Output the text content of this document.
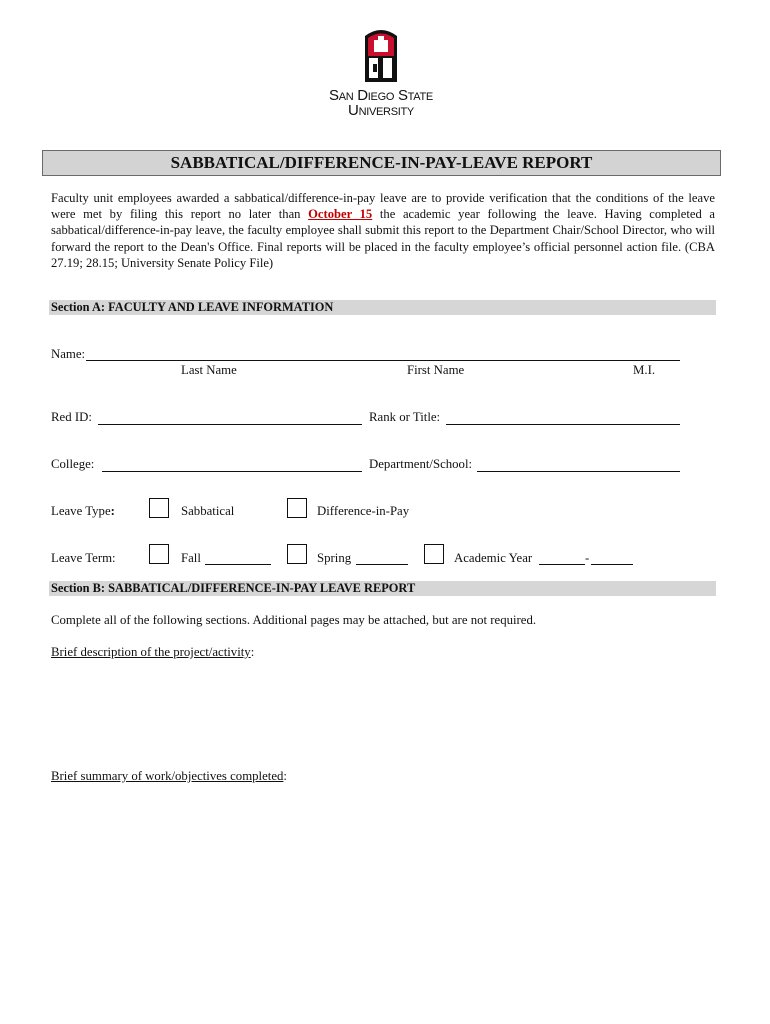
San Diego State
University
SABBATICAL/DIFFERENCE-IN-PAY-LEAVE REPORT
Faculty unit employees awarded a sabbatical/difference-in-pay leave are to provide verification that the conditions of the leave were met by filing this report no later than October 15 the academic year following the leave. Having completed a sabbatical/difference-in-pay leave, the faculty employee shall submit this report to the Department Chair/School Director, who will forward the report to the Dean's Office. Final reports will be placed in the faculty employee’s official personnel action file. (CBA 27.19; 28.15; University Senate Policy File)
Section A: FACULTY AND LEAVE INFORMATION
Name:
Last Name	First Name	M.I.
Red ID:	Rank or Title:
College:	Department/School:
Leave Type:	Sabbatical	Difference-in-Pay
Leave Term:	Fall	Spring	Academic Year	-
Section B: SABBATICAL/DIFFERENCE-IN-PAY LEAVE REPORT
Complete all of the following sections. Additional pages may be attached, but are not required.
Brief description of the project/activity:
Brief summary of work/objectives completed:
